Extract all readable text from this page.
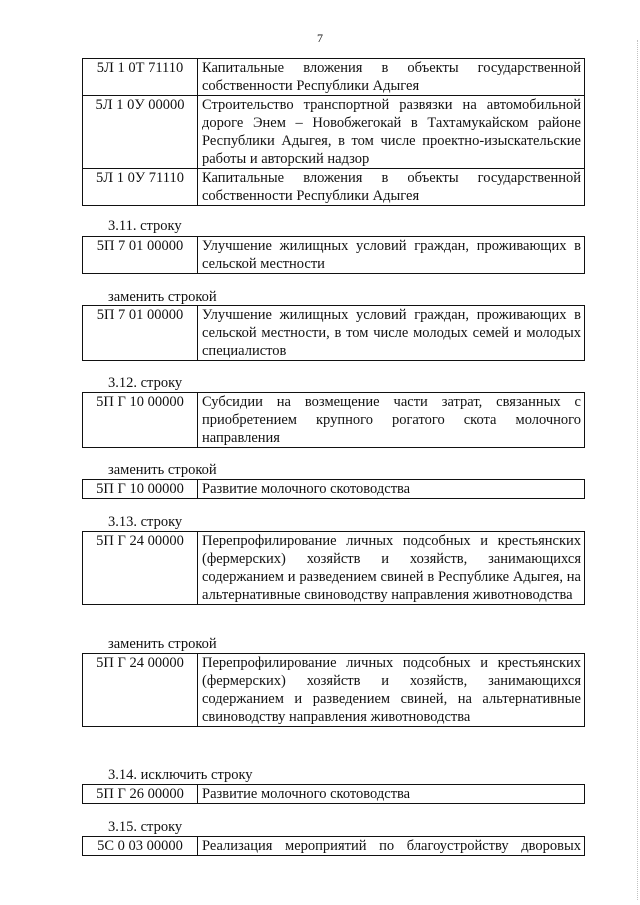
7
5Л 1 0Т 71110	Капитальные вложения в объекты государственной собственности Республики Адыгея
5Л 1 0У 00000	Строительство транспортной развязки на автомобильной дороге Энем – Новобжегокай в Тахтамукайском районе Республики Адыгея, в том числе проектно-изыскательские работы и авторский надзор
5Л 1 0У 71110	Капитальные вложения в объекты государственной собственности Республики Адыгея
3.11. строку
5П 7 01 00000	Улучшение жилищных условий граждан, проживающих в сельской местности
заменить строкой
5П 7 01 00000	Улучшение жилищных условий граждан, проживающих в сельской местности, в том числе молодых семей и молодых специалистов
3.12. строку
5П Г 10 00000	Субсидии на возмещение части затрат, связанных с приобретением крупного рогатого скота молочного направления
заменить строкой
5П Г 10 00000	Развитие молочного скотоводства
3.13. строку
5П Г 24 00000	Перепрофилирование личных подсобных и крестьянских (фермерских) хозяйств и хозяйств, занимающихся содержанием и разведением свиней в Республике Адыгея, на альтернативные свиноводству направления животноводства
заменить строкой
5П Г 24 00000	Перепрофилирование личных подсобных и крестьянских (фермерских) хозяйств и хозяйств, занимающихся содержанием и разведением свиней, на альтернативные свиноводству направления животноводства
3.14. исключить строку
5П Г 26 00000	Развитие молочного скотоводства
3.15. строку
5С 0 03 00000	Реализация мероприятий по благоустройству дворовых
